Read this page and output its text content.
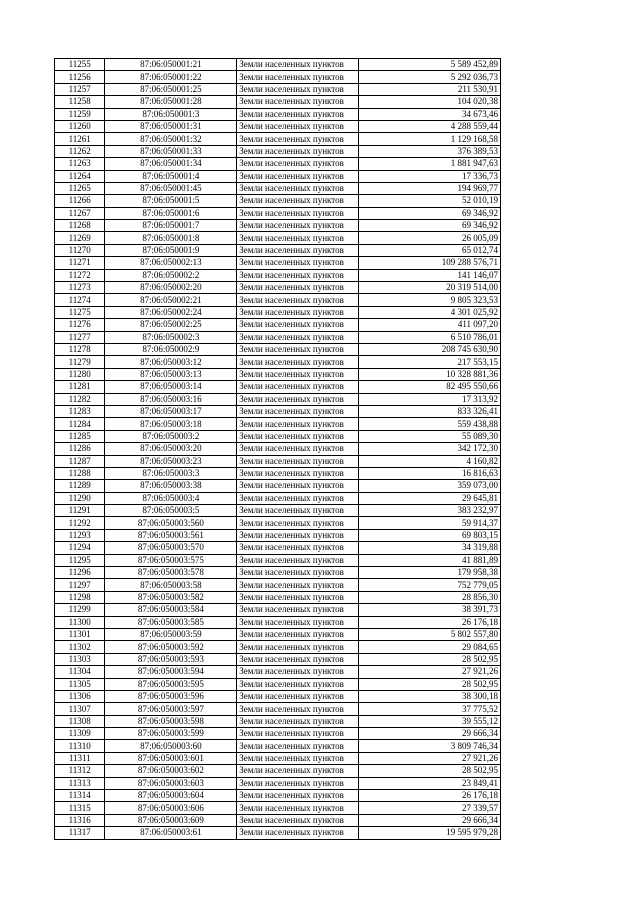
11255	87:06:050001:21	Земли населенных пунктов	5 589 452,89
11256	87:06:050001:22	Земли населенных пунктов	5 292 036,73
11257	87:06:050001:25	Земли населенных пунктов	211 530,91
11258	87:06:050001:28	Земли населенных пунктов	104 020,38
11259	87:06:050001:3	Земли населенных пунктов	34 673,46
11260	87:06:050001:31	Земли населенных пунктов	4 288 559,44
11261	87:06:050001:32	Земли населенных пунктов	1 129 168,58
11262	87:06:050001:33	Земли населенных пунктов	376 389,53
11263	87:06:050001:34	Земли населенных пунктов	1 881 947,63
11264	87:06:050001:4	Земли населенных пунктов	17 336,73
11265	87:06:050001:45	Земли населенных пунктов	194 969,77
11266	87:06:050001:5	Земли населенных пунктов	52 010,19
11267	87:06:050001:6	Земли населенных пунктов	69 346,92
11268	87:06:050001:7	Земли населенных пунктов	69 346,92
11269	87:06:050001:8	Земли населенных пунктов	26 005,09
11270	87:06:050001:9	Земли населенных пунктов	65 012,74
11271	87:06:050002:13	Земли населенных пунктов	109 288 576,71
11272	87:06:050002:2	Земли населенных пунктов	141 146,07
11273	87:06:050002:20	Земли населенных пунктов	20 319 514,00
11274	87:06:050002:21	Земли населенных пунктов	9 805 323,53
11275	87:06:050002:24	Земли населенных пунктов	4 301 025,92
11276	87:06:050002:25	Земли населенных пунктов	411 097,20
11277	87:06:050002:3	Земли населенных пунктов	6 510 786,01
11278	87:06:050002:9	Земли населенных пунктов	208 745 630,90
11279	87:06:050003:12	Земли населенных пунктов	217 553,15
11280	87:06:050003:13	Земли населенных пунктов	10 328 881,36
11281	87:06:050003:14	Земли населенных пунктов	82 495 550,66
11282	87:06:050003:16	Земли населенных пунктов	17 313,92
11283	87:06:050003:17	Земли населенных пунктов	833 326,41
11284	87:06:050003:18	Земли населенных пунктов	559 438,88
11285	87:06:050003:2	Земли населенных пунктов	55 089,30
11286	87:06:050003:20	Земли населенных пунктов	342 172,30
11287	87:06:050003:23	Земли населенных пунктов	4 160,82
11288	87:06:050003:3	Земли населенных пунктов	16 816,63
11289	87:06:050003:38	Земли населенных пунктов	359 073,00
11290	87:06:050003:4	Земли населенных пунктов	29 645,81
11291	87:06:050003:5	Земли населенных пунктов	383 232,97
11292	87:06:050003:560	Земли населенных пунктов	59 914,37
11293	87:06:050003:561	Земли населенных пунктов	69 803,15
11294	87:06:050003:570	Земли населенных пунктов	34 319,88
11295	87:06:050003:575	Земли населенных пунктов	41 881,89
11296	87:06:050003:578	Земли населенных пунктов	179 958,38
11297	87:06:050003:58	Земли населенных пунктов	752 779,05
11298	87:06:050003:582	Земли населенных пунктов	28 856,30
11299	87:06:050003:584	Земли населенных пунктов	38 391,73
11300	87:06:050003:585	Земли населенных пунктов	26 176,18
11301	87:06:050003:59	Земли населенных пунктов	5 802 557,80
11302	87:06:050003:592	Земли населенных пунктов	29 084,65
11303	87:06:050003:593	Земли населенных пунктов	28 502,95
11304	87:06:050003:594	Земли населенных пунктов	27 921,26
11305	87:06:050003:595	Земли населенных пунктов	28 502,95
11306	87:06:050003:596	Земли населенных пунктов	38 300,18
11307	87:06:050003:597	Земли населенных пунктов	37 775,52
11308	87:06:050003:598	Земли населенных пунктов	39 555,12
11309	87:06:050003:599	Земли населенных пунктов	29 666,34
11310	87:06:050003:60	Земли населенных пунктов	3 809 746,34
11311	87:06:050003:601	Земли населенных пунктов	27 921,26
11312	87:06:050003:602	Земли населенных пунктов	28 502,95
11313	87:06:050003:603	Земли населенных пунктов	23 849,41
11314	87:06:050003:604	Земли населенных пунктов	26 176,18
11315	87:06:050003:606	Земли населенных пунктов	27 339,57
11316	87:06:050003:609	Земли населенных пунктов	29 666,34
11317	87:06:050003:61	Земли населенных пунктов	19 595 979,28
